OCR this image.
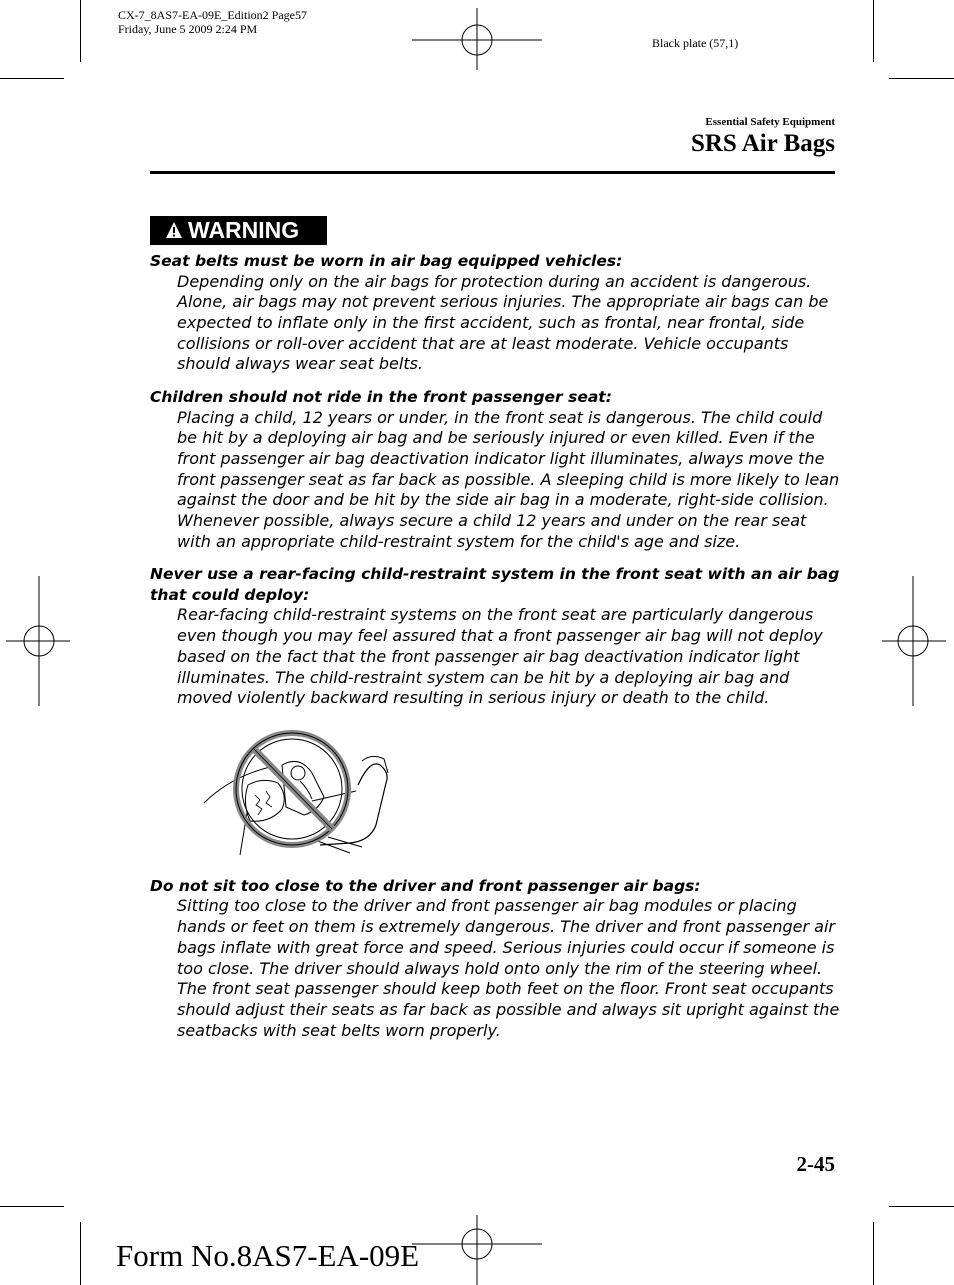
CX-7_8AS7-EA-09E_Edition2 Page57
Friday, June 5 2009 2:24 PM
Black plate (57,1)
Essential Safety Equipment
SRS Air Bags
WARNING
Seat belts must be worn in air bag equipped vehicles:
Depending only on the air bags for protection during an accident is dangerous. Alone, air bags may not prevent serious injuries. The appropriate air bags can be expected to inflate only in the first accident, such as frontal, near frontal, side collisions or roll-over accident that are at least moderate. Vehicle occupants should always wear seat belts.
Children should not ride in the front passenger seat:
Placing a child, 12 years or under, in the front seat is dangerous. The child could be hit by a deploying air bag and be seriously injured or even killed. Even if the front passenger air bag deactivation indicator light illuminates, always move the front passenger seat as far back as possible. A sleeping child is more likely to lean against the door and be hit by the side air bag in a moderate, right-side collision. Whenever possible, always secure a child 12 years and under on the rear seat with an appropriate child-restraint system for the child's age and size.
Never use a rear-facing child-restraint system in the front seat with an air bag that could deploy:
Rear-facing child-restraint systems on the front seat are particularly dangerous even though you may feel assured that a front passenger air bag will not deploy based on the fact that the front passenger air bag deactivation indicator light illuminates. The child-restraint system can be hit by a deploying air bag and moved violently backward resulting in serious injury or death to the child.
Do not sit too close to the driver and front passenger air bags:
Sitting too close to the driver and front passenger air bag modules or placing hands or feet on them is extremely dangerous. The driver and front passenger air bags inflate with great force and speed. Serious injuries could occur if someone is too close. The driver should always hold onto only the rim of the steering wheel. The front seat passenger should keep both feet on the floor. Front seat occupants should adjust their seats as far back as possible and always sit upright against the seatbacks with seat belts worn properly.
2-45
Form No.8AS7-EA-09E
